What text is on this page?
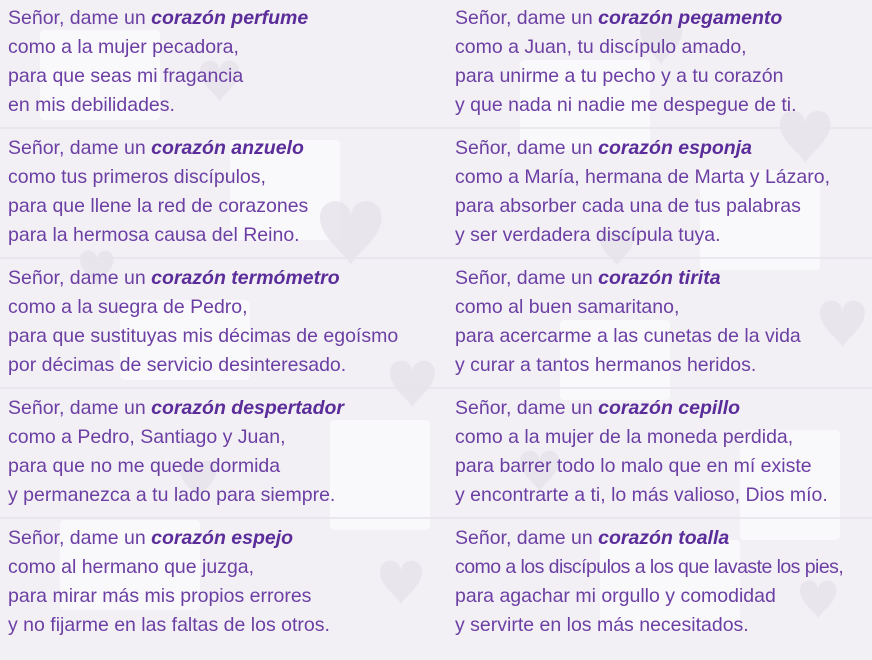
Señor, dame un corazón perfume
como a la mujer pecadora,
para que seas mi fragancia
en mis debilidades.

Señor, dame un corazón anzuelo
como tus primeros discípulos,
para que llene la red de corazones
para la hermosa causa del Reino.

Señor, dame un corazón termómetro
como a la suegra de Pedro,
para que sustituyas mis décimas de egoísmo
por décimas de servicio desinteresado.

Señor, dame un corazón despertador
como a Pedro, Santiago y Juan,
para que no me quede dormida
y permanezca a tu lado para siempre.

Señor, dame un corazón espejo
como al hermano que juzga,
para mirar más mis propios errores
y no fijarme en las faltas de los otros.

Señor, dame un corazón pegamento
como a Juan, tu discípulo amado,
para unirme a tu pecho y a tu corazón
y que nada ni nadie me despegue de ti.

Señor, dame un corazón esponja
como a María, hermana de Marta y Lázaro,
para absorber cada una de tus palabras
y ser verdadera discípula tuya.

Señor, dame un corazón tirita
como al buen samaritano,
para acercarme a las cunetas de la vida
y curar a tantos hermanos heridos.

Señor, dame un corazón cepillo
como a la mujer de la moneda perdida,
para barrer todo lo malo que en mí existe
y encontrarte a ti, lo más valioso, Dios mío.

Señor, dame un corazón toalla
como a los discípulos a los que lavaste los pies,
para agachar mi orgullo y comodidad
y servirte en los más necesitados.
